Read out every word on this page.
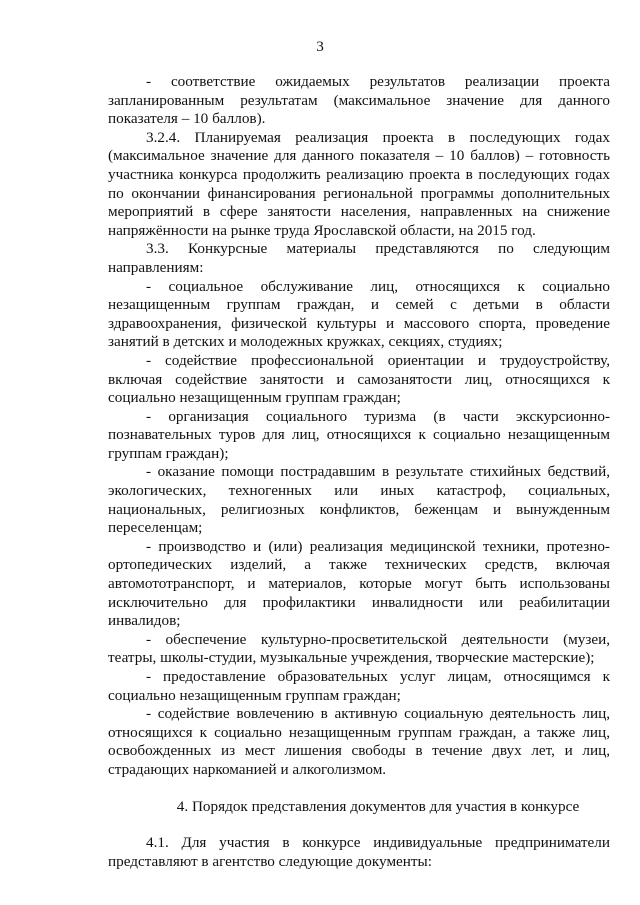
3

- соответствие ожидаемых результатов реализации проекта запланированным результатам (максимальное значение для данного показателя – 10 баллов).

3.2.4. Планируемая реализация проекта в последующих годах (максимальное значение для данного показателя – 10 баллов) – готовность участника конкурса продолжить реализацию проекта в последующих годах по окончании финансирования региональной программы дополнительных мероприятий в сфере занятости населения, направленных на снижение напряжённости на рынке труда Ярославской области, на 2015 год.

3.3. Конкурсные материалы представляются по следующим направлениям:

- социальное обслуживание лиц, относящихся к социально незащищенным группам граждан, и семей с детьми в области здравоохранения, физической культуры и массового спорта, проведение занятий в детских и молодежных кружках, секциях, студиях;

- содействие профессиональной ориентации и трудоустройству, включая содействие занятости и самозанятости лиц, относящихся к социально незащищенным группам граждан;

- организация социального туризма (в части экскурсионно-познавательных туров для лиц, относящихся к социально незащищенным группам граждан);

- оказание помощи пострадавшим в результате стихийных бедствий, экологических, техногенных или иных катастроф, социальных, национальных, религиозных конфликтов, беженцам и вынужденным переселенцам;

- производство и (или) реализация медицинской техники, протезно-ортопедических изделий, а также технических средств, включая автомототранспорт, и материалов, которые могут быть использованы исключительно для профилактики инвалидности или реабилитации инвалидов;

- обеспечение культурно-просветительской деятельности (музеи, театры, школы-студии, музыкальные учреждения, творческие мастерские);

- предоставление образовательных услуг лицам, относящимся к социально незащищенным группам граждан;

- содействие вовлечению в активную социальную деятельность лиц, относящихся к социально незащищенным группам граждан, а также лиц, освобожденных из мест лишения свободы в течение двух лет, и лиц, страдающих наркоманией и алкоголизмом.

4. Порядок представления документов для участия в конкурсе

4.1. Для участия в конкурсе индивидуальные предприниматели представляют в агентство следующие документы:
